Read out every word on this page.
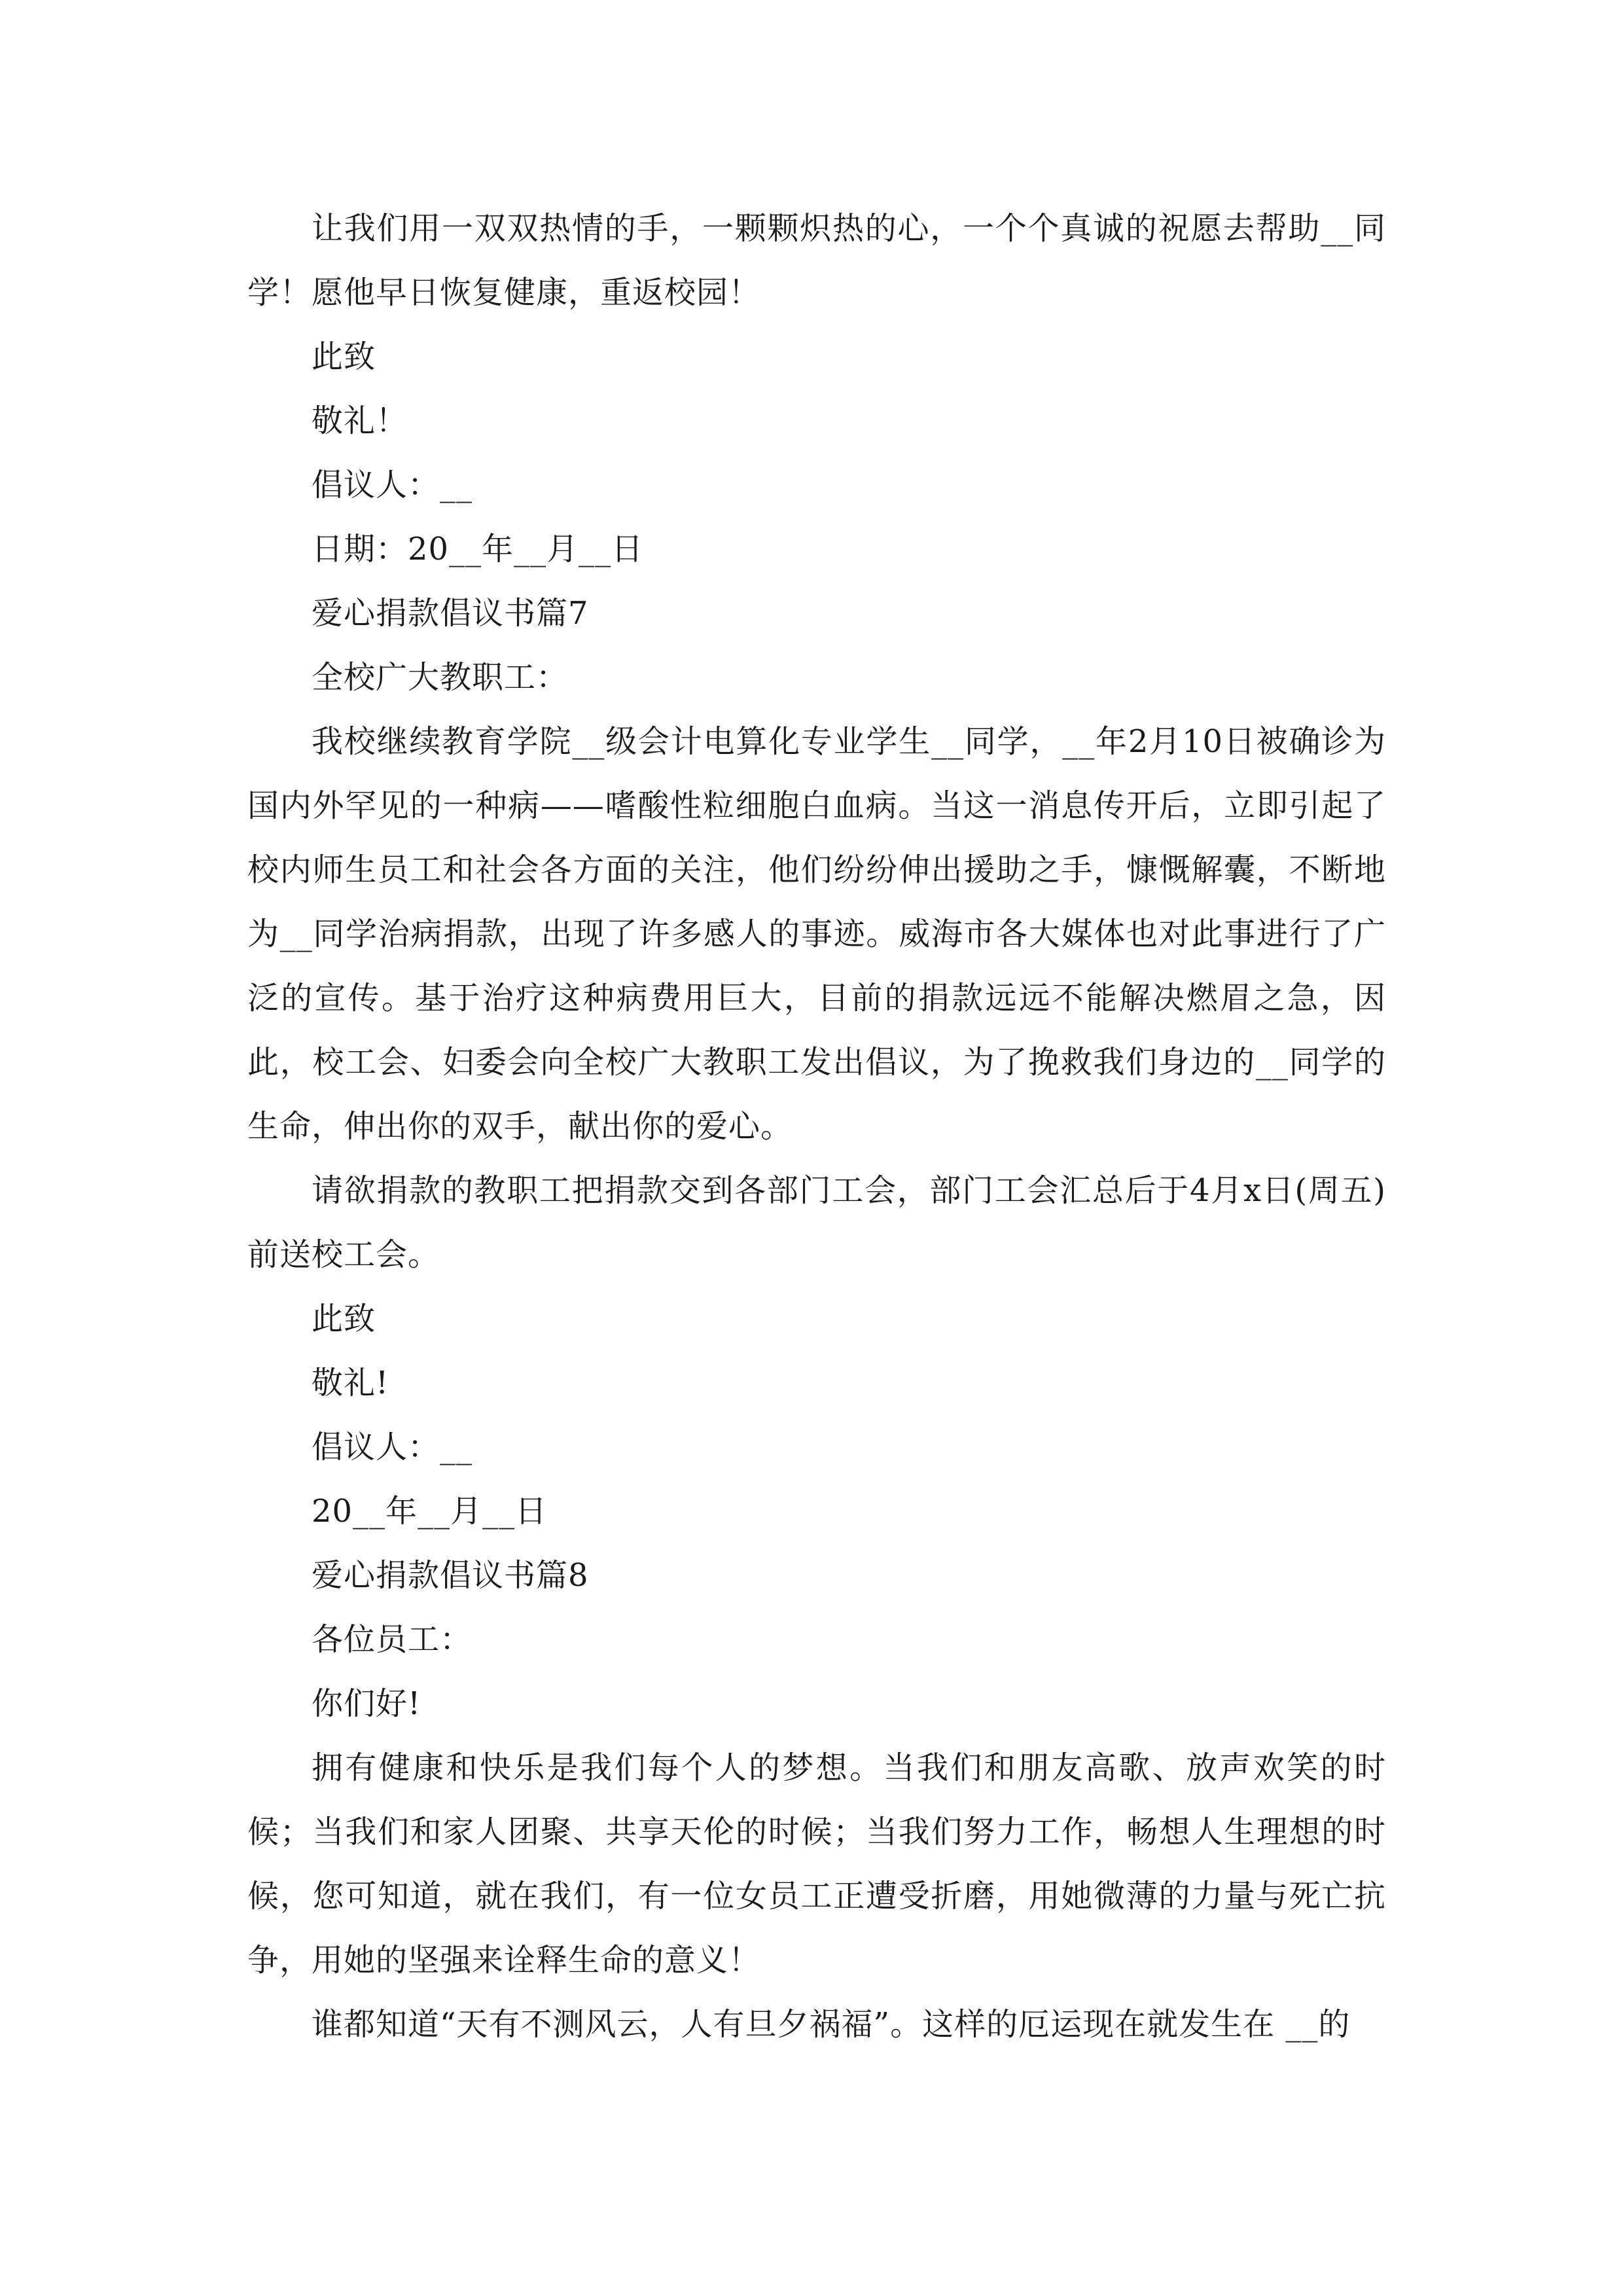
让我们用一双双热情的手，一颗颗炽热的心，一个个真诚的祝愿去帮助__同学！愿他早日恢复健康，重返校园！

此致

敬礼！

倡议人：__

日期：20__年__月__日

爱心捐款倡议书篇7

全校广大教职工：

我校继续教育学院__级会计电算化专业学生__同学，__年2月10日被确诊为国内外罕见的一种病——嗜酸性粒细胞白血病。当这一消息传开后，立即引起了校内师生员工和社会各方面的关注，他们纷纷伸出援助之手，慷慨解囊，不断地为__同学治病捐款，出现了许多感人的事迹。威海市各大媒体也对此事进行了广泛的宣传。基于治疗这种病费用巨大，目前的捐款远远不能解决燃眉之急，因此，校工会、妇委会向全校广大教职工发出倡议，为了挽救我们身边的__同学的生命，伸出你的双手，献出你的爱心。

请欲捐款的教职工把捐款交到各部门工会，部门工会汇总后于4月x日(周五)前送校工会。

此致

敬礼!

倡议人：__

20__年__月__日

爱心捐款倡议书篇8

各位员工：

你们好!

拥有健康和快乐是我们每个人的梦想。当我们和朋友高歌、放声欢笑的时候；当我们和家人团聚、共享天伦的时候；当我们努力工作，畅想人生理想的时候，您可知道，就在我们，有一位女员工正遭受折磨，用她微薄的力量与死亡抗争，用她的坚强来诠释生命的意义！

谁都知道“天有不测风云，人有旦夕祸福”。这样的厄运现在就发生在 __的
